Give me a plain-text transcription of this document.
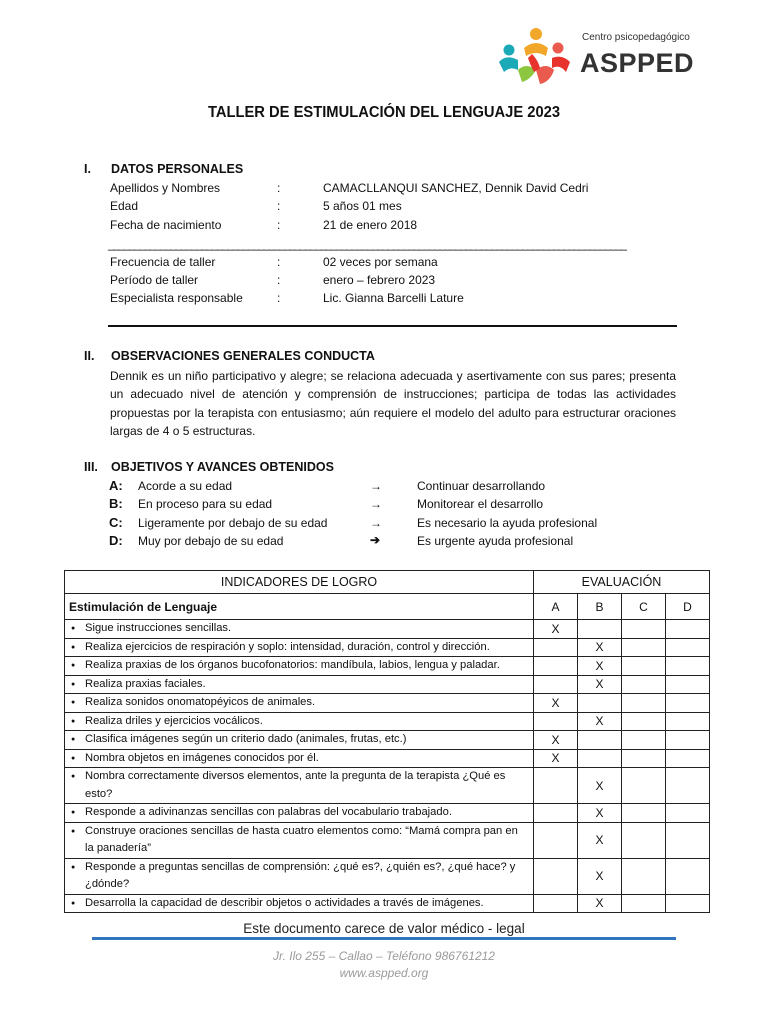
Centro psicopedagógico
ASPPED
TALLER DE ESTIMULACIÓN DEL LENGUAJE 2023
I. DATOS PERSONALES
Apellidos y Nombres	:	CAMACLLANQUI SANCHEZ, Dennik David Cedri
Edad	:	5 años 01 mes
Fecha de nacimiento	:	21 de enero 2018
____________________________________________________________________________________________________
Frecuencia de taller	:	02 veces por semana
Período de taller	:	enero – febrero 2023
Especialista responsable	:	Lic. Gianna Barcelli Lature
II. OBSERVACIONES GENERALES CONDUCTA
Dennik es un niño participativo y alegre; se relaciona adecuada y asertivamente con sus pares; presenta un adecuado nivel de atención y comprensión de instrucciones; participa de todas las actividades propuestas por la terapista con entusiasmo; aún requiere el modelo del adulto para estructurar oraciones largas de 4 o 5 estructuras.
III. OBJETIVOS Y AVANCES OBTENIDOS
A: Acorde a su edad	→	Continuar desarrollando
B: En proceso para su edad	→	Monitorear el desarrollo
C: Ligeramente por debajo de su edad	→	Es necesario la ayuda profesional
D: Muy por debajo de su edad	➔	Es urgente ayuda profesional
INDICADORES DE LOGRO	EVALUACIÓN			
Estimulación de Lenguaje	A	B	C	D

● Sigue instrucciones sencillas.	X			

● Realiza ejercicios de respiración y soplo: intensidad, duración, control y dirección.		X		

● Realiza praxias de los órganos bucofonatorios: mandíbula, labios, lengua y paladar.		X		

● Realiza praxias faciales.		X		

● Realiza sonidos onomatopéyicos de animales.	X			

● Realiza driles y ejercicios vocálicos.		X		

● Clasifica imágenes según un criterio dado (animales, frutas, etc.)	X			

● Nombra objetos en imágenes conocidos por él.	X			

● Nombra correctamente diversos elementos, ante la pregunta de la terapista ¿Qué es esto?		X		

● Responde a adivinanzas sencillas con palabras del vocabulario trabajado.		X		

● Construye oraciones sencillas de hasta cuatro elementos como: “Mamá compra pan en la panadería”		X		

● Responde a preguntas sencillas de comprensión: ¿qué es?, ¿quién es?, ¿qué hace? y ¿dónde?		X		

● Desarrolla la capacidad de describir objetos o actividades a través de imágenes.		X		
Este documento carece de valor médico - legal
Jr. Ilo 255 – Callao – Teléfono 986761212
www.aspped.org
